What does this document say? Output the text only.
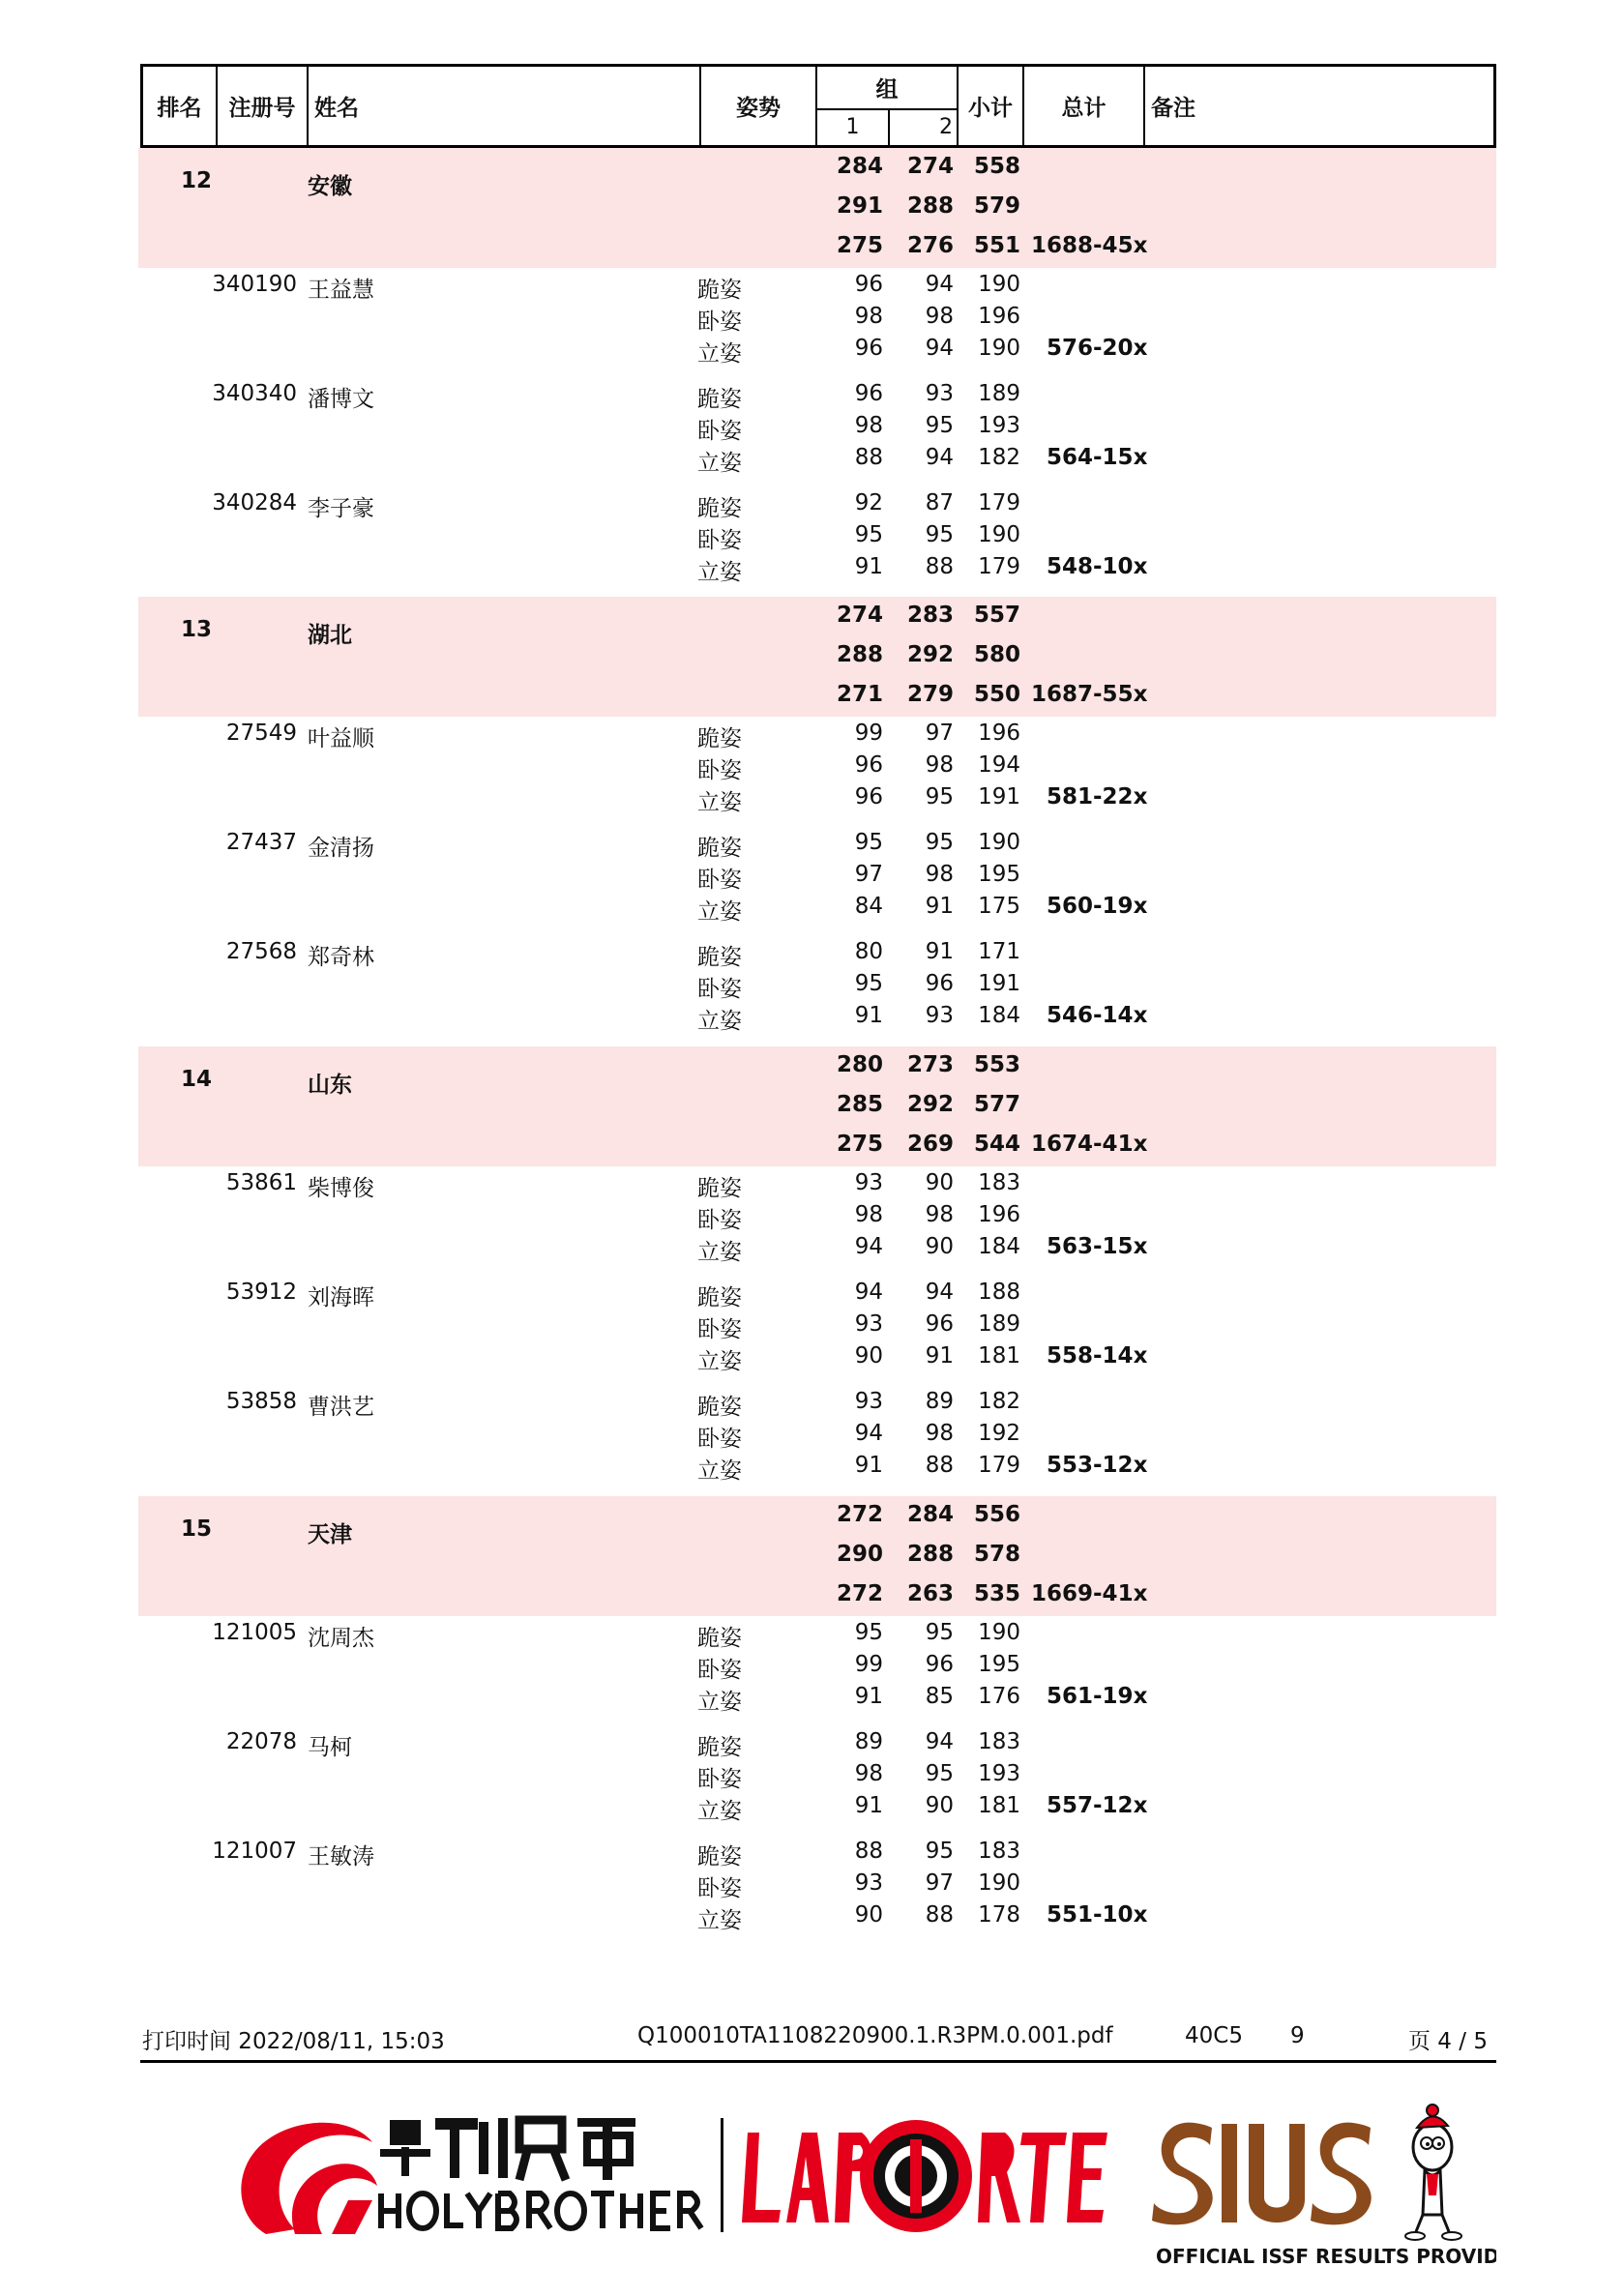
排名 注册号 姓名	姿势
组
1	2
小计 总计 备注
12	安徽
284 274 558
291 288 579
275 276 551 1688-45x
340190 王益慧	跪姿	96 94 190
卧姿	98 98 196
立姿	96 94 190 576-20x
340340 潘博文	跪姿	96 93 189
卧姿	98 95 193
立姿	88 94 182 564-15x
340284 李子豪	跪姿	92 87 179
卧姿	95 95 190
立姿	91 88 179 548-10x
13	湖北
274 283 557
288 292 580
271 279 550 1687-55x
27549 叶益顺	跪姿	99 97 196
卧姿	96 98 194
立姿	96 95 191 581-22x
27437 金清扬	跪姿	95 95 190
卧姿	97 98 195
立姿	84 91 175 560-19x
27568 郑奇林	跪姿	80 91 171
卧姿	95 96 191
立姿	91 93 184 546-14x
14	山东
280 273 553
285 292 577
275 269 544 1674-41x
53861 柴博俊	跪姿	93 90 183
卧姿	98 98 196
立姿	94 90 184 563-15x
53912 刘海晖	跪姿	94 94 188
卧姿	93 96 189
立姿	90 91 181 558-14x
53858 曹洪艺	跪姿	93 89 182
卧姿	94 98 192
立姿	91 88 179 553-12x
15	天津
272 284 556
290 288 578
272 263 535 1669-41x
121005 沈周杰	跪姿	95 95 190
卧姿	99 96 195
立姿	91 85 176 561-19x
22078 马柯	跪姿	89 94 183
卧姿	98 95 193
立姿	91 90 181 557-12x
121007 王敏涛	跪姿	88 95 183
卧姿	93 97 190
立姿	90 88 178 551-10x
打印时间 2022/08/11, 15:03	Q100010TA1108220900.1.R3PM.0.001.pdf	40C5 9	页 4 / 5
OFFICIAL ISSF RESULTS PROVIDER
